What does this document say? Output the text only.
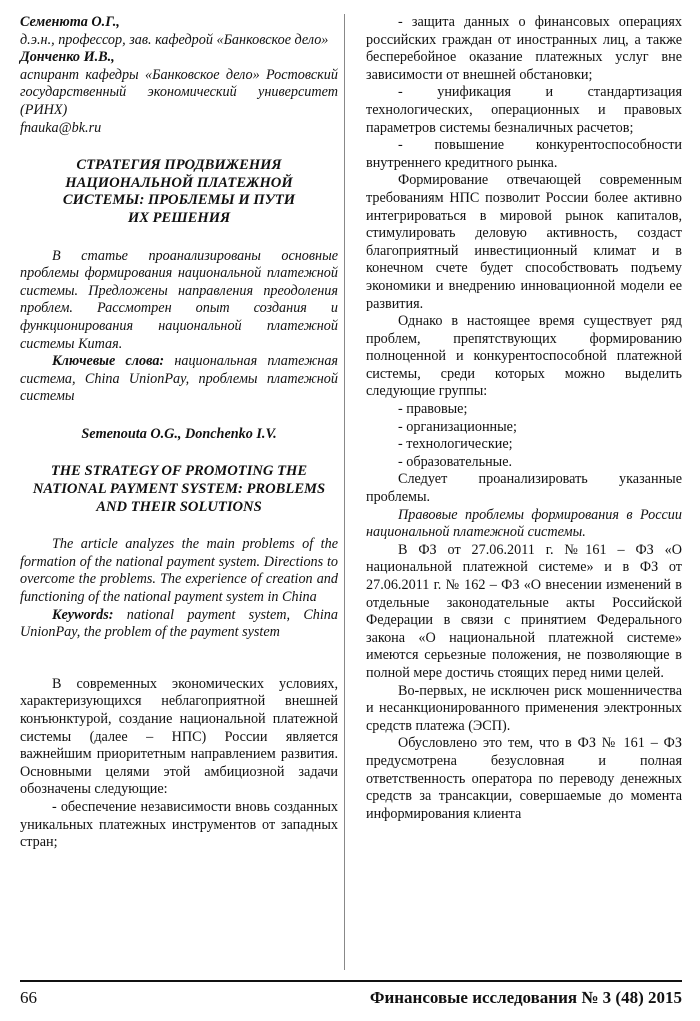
Семенюта О.Г.,

д.э.н., профессор, зав. кафедрой «Банковское дело»

Донченко И.В.,

аспирант кафедры «Банковское дело» Ростовский государственный экономический университет (РИНХ)

fnauka@bk.ru

СТРАТЕГИЯ ПРОДВИЖЕНИЯ НАЦИОНАЛЬНОЙ ПЛАТЕЖНОЙ СИСТЕМЫ: ПРОБЛЕМЫ И ПУТИ ИХ РЕШЕНИЯ

В статье проанализированы основные проблемы формирования национальной платежной системы. Предложены направления преодоления проблем. Рассмотрен опыт создания и функционирования национальной платежной системы Китая.

Ключевые слова: национальная платежная система, China UnionPay, проблемы платежной системы

Semenouta O.G., Donchenko I.V.

THE STRATEGY OF PROMOTING THE NATIONAL PAYMENT SYSTEM: PROBLEMS AND THEIR SOLUTIONS

The article analyzes the main problems of the formation of the national payment system. Directions to overcome the problems. The experience of creation and functioning of the national payment system in China

Keywords: national payment system, China UnionPay, the problem of the payment system

В современных экономических условиях, характеризующихся неблагоприятной внешней конъюнктурой, создание национальной платежной системы (далее – НПС) России является важнейшим приоритетным направлением развития. Основными целями этой амбициозной задачи обозначены следующие:

- обеспечение независимости вновь созданных уникальных платежных инструментов от западных стран;

- защита данных о финансовых операциях российских граждан от иностранных лиц, а также бесперебойное оказание платежных услуг вне зависимости от внешней обстановки;

- унификация и стандартизация технологических, операционных и правовых параметров системы безналичных расчетов;

- повышение конкурентоспособности внутреннего кредитного рынка.

Формирование отвечающей современным требованиям НПС позволит России более активно интегрироваться в мировой рынок капиталов, стимулировать деловую активность, создаст благоприятный инвестиционный климат и в конечном счете будет способствовать подъему экономики и внедрению инновационной модели ее развития.

Однако в настоящее время существует ряд проблем, препятствующих формированию полноценной и конкурентоспособной платежной системы, среди которых можно выделить следующие группы:

- правовые;

- организационные;

- технологические;

- образовательные.

Следует проанализировать указанные проблемы.

Правовые проблемы формирования в России национальной платежной системы.

В ФЗ от 27.06.2011 г. №161 – ФЗ «О национальной платежной системе» и в ФЗ от 27.06.2011 г. № 162 – ФЗ «О внесении изменений в отдельные законодательные акты Российской Федерации в связи с принятием Федерального закона «О национальной платежной системе» имеются серьезные положения, не позволяющие в полной мере достичь стоящих перед ними целей.

Во-первых, не исключен риск мошенничества и несанкционированного применения электронных средств платежа (ЭСП).

Обусловлено это тем, что в ФЗ № 161 – ФЗ предусмотрена безусловная и полная ответственность оператора по переводу денежных средств за трансакции, совершаемые до момента информирования клиента

66	Финансовые исследования № 3 (48) 2015
